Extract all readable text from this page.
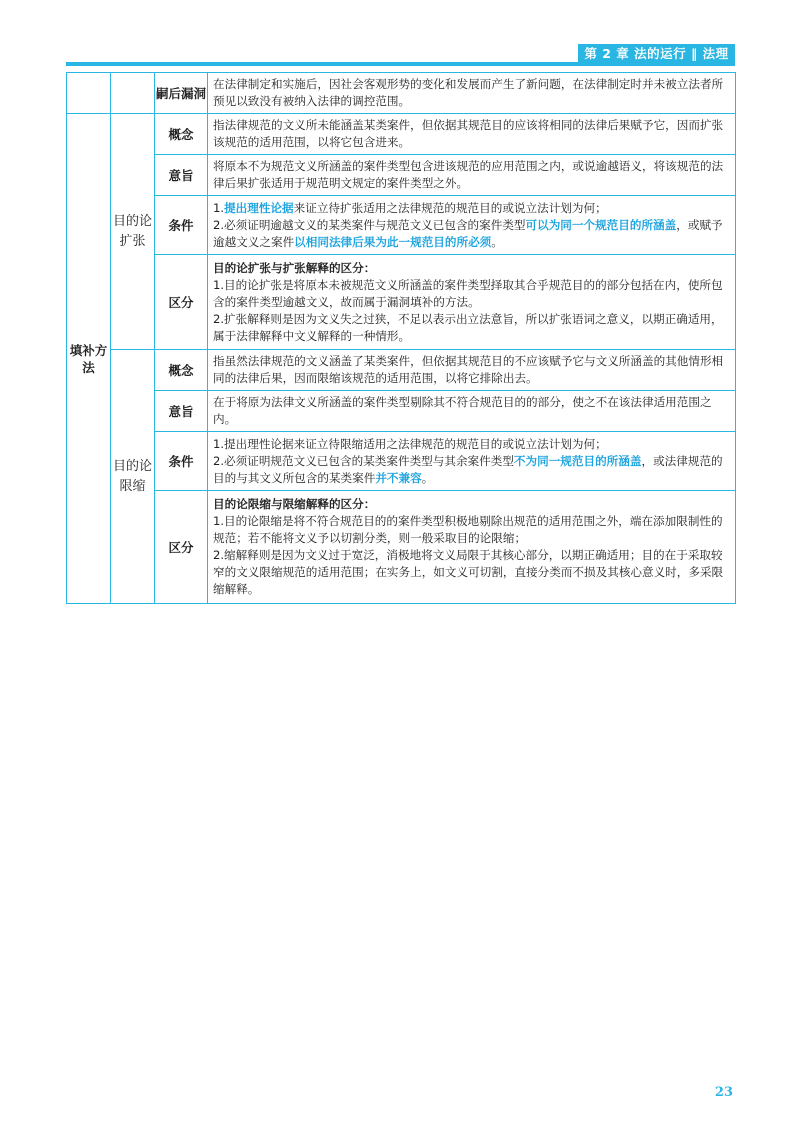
第 2 章 法的运行 ‖ 法理

		嗣后漏洞	在法律制定和实施后，因社会客观形势的变化和发展而产生了新问题，在法律制定时并未被立法者所预见以致没有被纳入法律的调控范围。
填补方法	目的论扩张	概念	指法律规范的文义所未能涵盖某类案件，但依据其规范目的应该将相同的法律后果赋予它，因而扩张该规范的适用范围，以将它包含进来。
		意旨	将原本不为规范文义所涵盖的案件类型包含进该规范的应用范围之内，或说逾越语义，将该规范的法律后果扩张适用于规范明文规定的案件类型之外。
		条件	1.提出理性论据来证立待扩张适用之法律规范的规范目的或说立法计划为何；
2.必须证明逾越文义的某类案件与规范文义已包含的案件类型可以为同一个规范目的所涵盖，或赋予逾越文义之案件以相同法律后果为此一规范目的所必须。

		区分	目的论扩张与扩张解释的区分：
1.目的论扩张是将原本未被规范文义所涵盖的案件类型择取其合乎规范目的的部分包括在内，使所包含的案件类型逾越文义，故而属于漏洞填补的方法。
2.扩张解释则是因为文义失之过狭，不足以表示出立法意旨，所以扩张语词之意义，以期正确适用，属于法律解释中文义解释的一种情形。

	目的论限缩	概念	指虽然法律规范的文义涵盖了某类案件，但依据其规范目的不应该赋予它与文义所涵盖的其他情形相同的法律后果，因而限缩该规范的适用范围，以将它排除出去。
		意旨	在于将原为法律文义所涵盖的案件类型剔除其不符合规范目的的部分，使之不在该法律适用范围之内。
		条件	1.提出理性论据来证立待限缩适用之法律规范的规范目的或说立法计划为何；
2.必须证明规范文义已包含的某类案件类型与其余案件类型不为同一规范目的所涵盖，或法律规范的目的与其文义所包含的某类案件并不兼容。

		区分	目的论限缩与限缩解释的区分：
1.目的论限缩是将不符合规范目的的案件类型积极地剔除出规范的适用范围之外，端在添加限制性的规范；若不能将文义予以切割分类，则一般采取目的论限缩；
2.缩解释则是因为文义过于宽泛，消极地将文义局限于其核心部分，以期正确适用；目的在于采取较窄的文义限缩规范的适用范围；在实务上，如文义可切割，直接分类而不损及其核心意义时，多采限缩解释。
23
